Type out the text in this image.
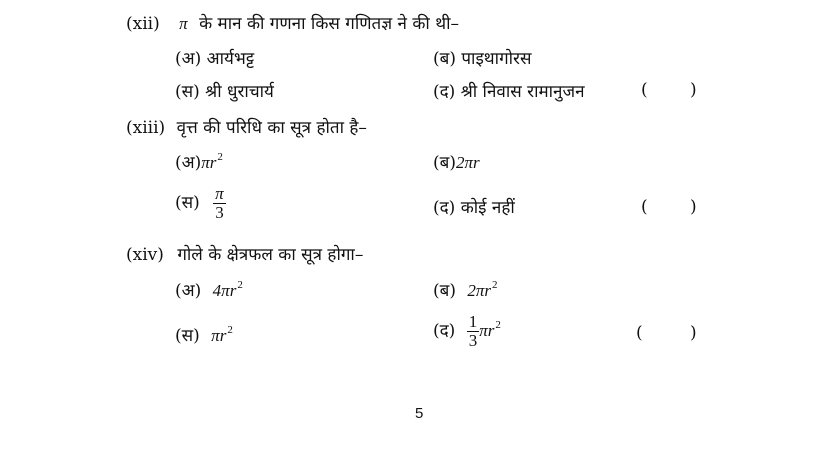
(xii) π के मान की गणना किस गणितज्ञ ने की थी–
(अ) आर्यभट्ट	(ब) पाइथागोरस
(स) श्री धुराचार्य	(द) श्री निवास रामानुजन	( )
(xiii) वृत्त की परिधि का सूत्र होता है–
$(अ)\pi r^2$	(ब)2πr
(स) $\frac{\pi}{3}$	(द) कोई नहीं	( )
(xiv) गोले के क्षेत्रफल का सूत्र होगा–
(अ) $4\pi r^2$	(ब) $2\pi r^2$
(स) $\pi r^2$	(द) $\frac{1}{3} \pi r^2$	(	)
5
